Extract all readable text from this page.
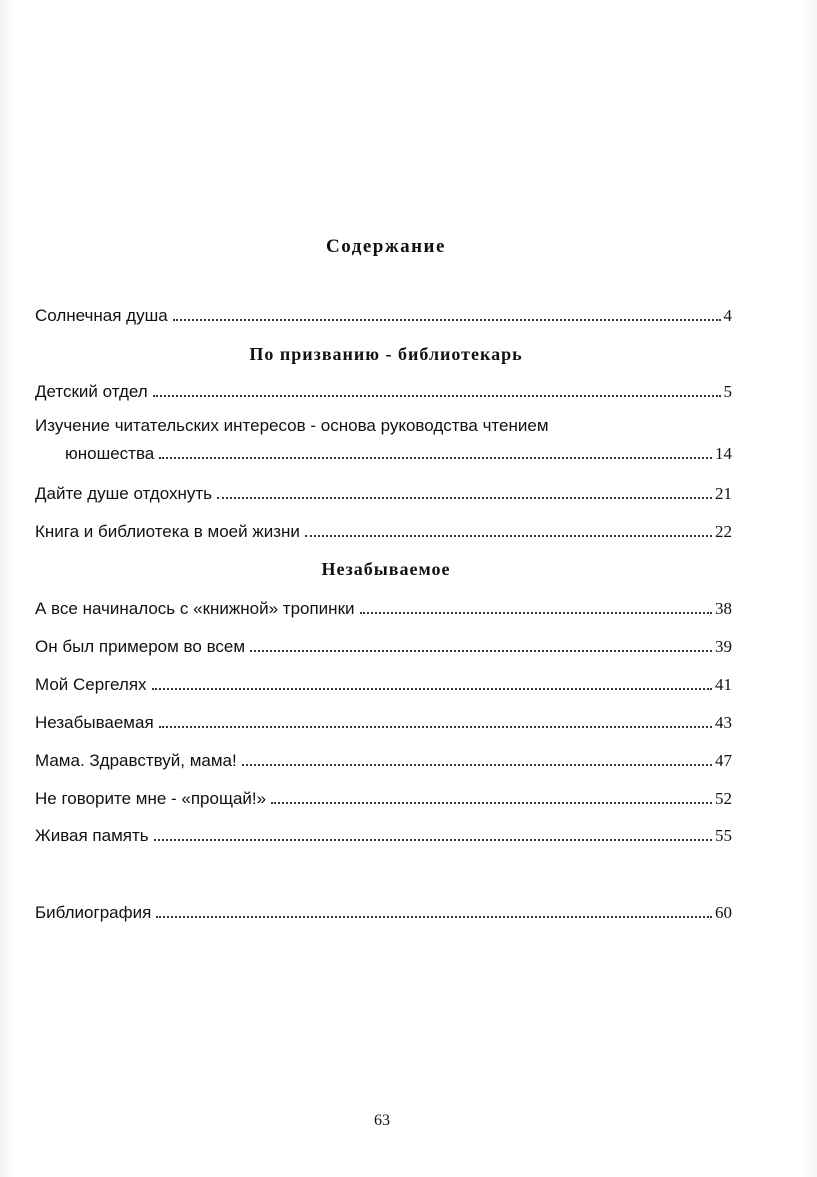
Содержание
Солнечная душа	4
По призванию - библиотекарь
Детский отдел	5
Изучение читательских интересов - основа руководства чтением
юношества	14
Дайте душе отдохнуть	21
Книга и библиотека в моей жизни	22
Незабываемое
А все начиналось с «книжной» тропинки	38
Он был примером во всем	39
Мой Сергелях	41
Незабываемая	43
Мама. Здравствуй, мама!	47
Не говорите мне - «прощай!»	52
Живая память	55
Библиография	60
63
